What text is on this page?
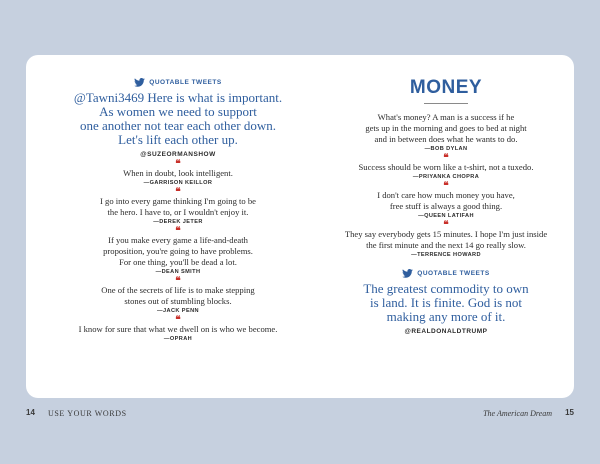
QUOTABLE TWEETS
@Tawni3469 Here is what is important.
As women we need to support
one another not tear each other down.
Let's lift each other up.
@SUZEORMANSHOW
❝
When in doubt, look intelligent.
—GARRISON KEILLOR
❝
I go into every game thinking I'm going to be
the hero. I have to, or I wouldn't enjoy it.
—DEREK JETER
❝
If you make every game a life-and-death
proposition, you're going to have problems.
For one thing, you'll be dead a lot.
—DEAN SMITH
❝
One of the secrets of life is to make stepping
stones out of stumbling blocks.
—JACK PENN
❝
I know for sure that what we dwell on is who we become.
—OPRAH
MONEY
What's money? A man is a success if he
gets up in the morning and goes to bed at night
and in between does what he wants to do.
—BOB DYLAN
❝
Success should be worn like a t-shirt, not a tuxedo.
—PRIYANKA CHOPRA
❝
I don't care how much money you have,
free stuff is always a good thing.
—QUEEN LATIFAH
❝
They say everybody gets 15 minutes. I hope I'm just inside
the first minute and the next 14 go really slow.
—TERRENCE HOWARD
QUOTABLE TWEETS
The greatest commodity to own
is land. It is finite. God is not
making any more of it.
@REALDONALDTRUMP
14 USE YOUR WORDS	The American Dream 15
